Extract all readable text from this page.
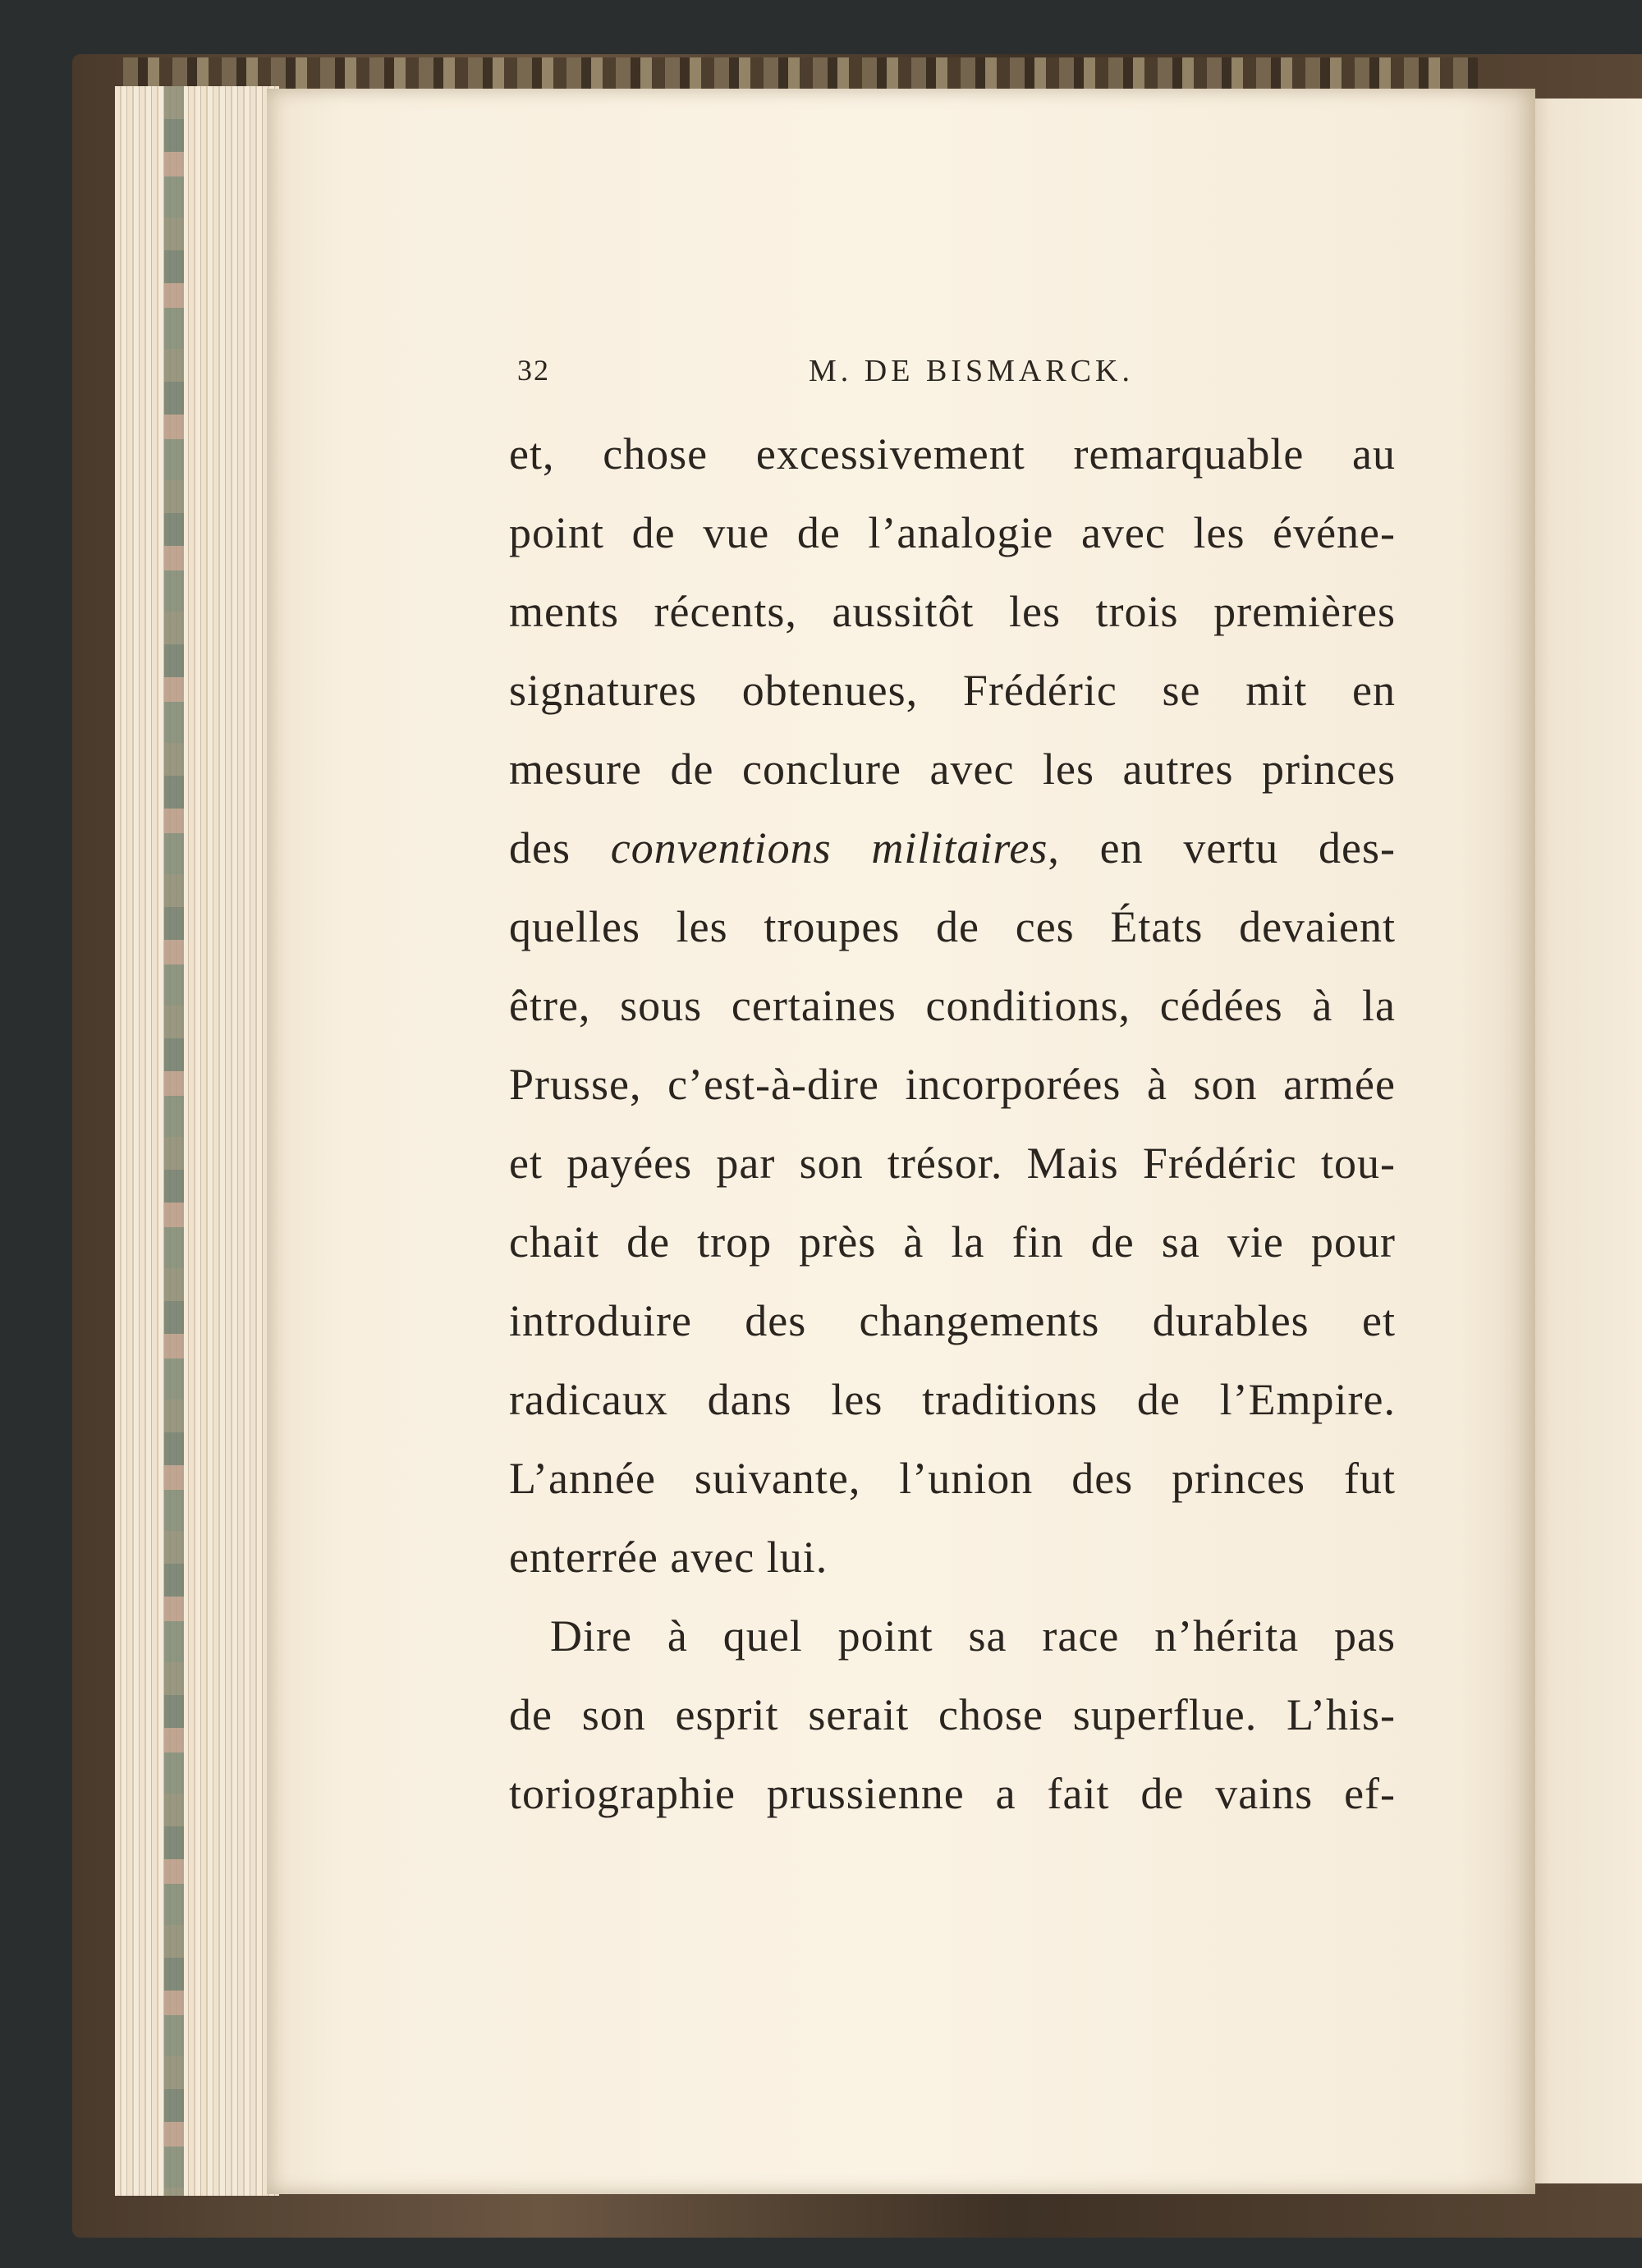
32	M. DE BISMARCK.
et, chose excessivement remarquable au
point de vue de l’analogie avec les événe-
ments récents, aussitôt les trois premières
signatures obtenues, Frédéric se mit en
mesure de conclure avec les autres princes
des conventions militaires, en vertu des-
quelles les troupes de ces États devaient
être, sous certaines conditions, cédées à la
Prusse, c’est-à-dire incorporées à son armée
et payées par son trésor. Mais Frédéric tou-
chait de trop près à la fin de sa vie pour
introduire des changements durables et
radicaux dans les traditions de l’Empire.
L’année suivante, l’union des princes fut
enterrée avec lui.
Dire à quel point sa race n’hérita pas
de son esprit serait chose superflue. L’his-
toriographie prussienne a fait de vains ef-
